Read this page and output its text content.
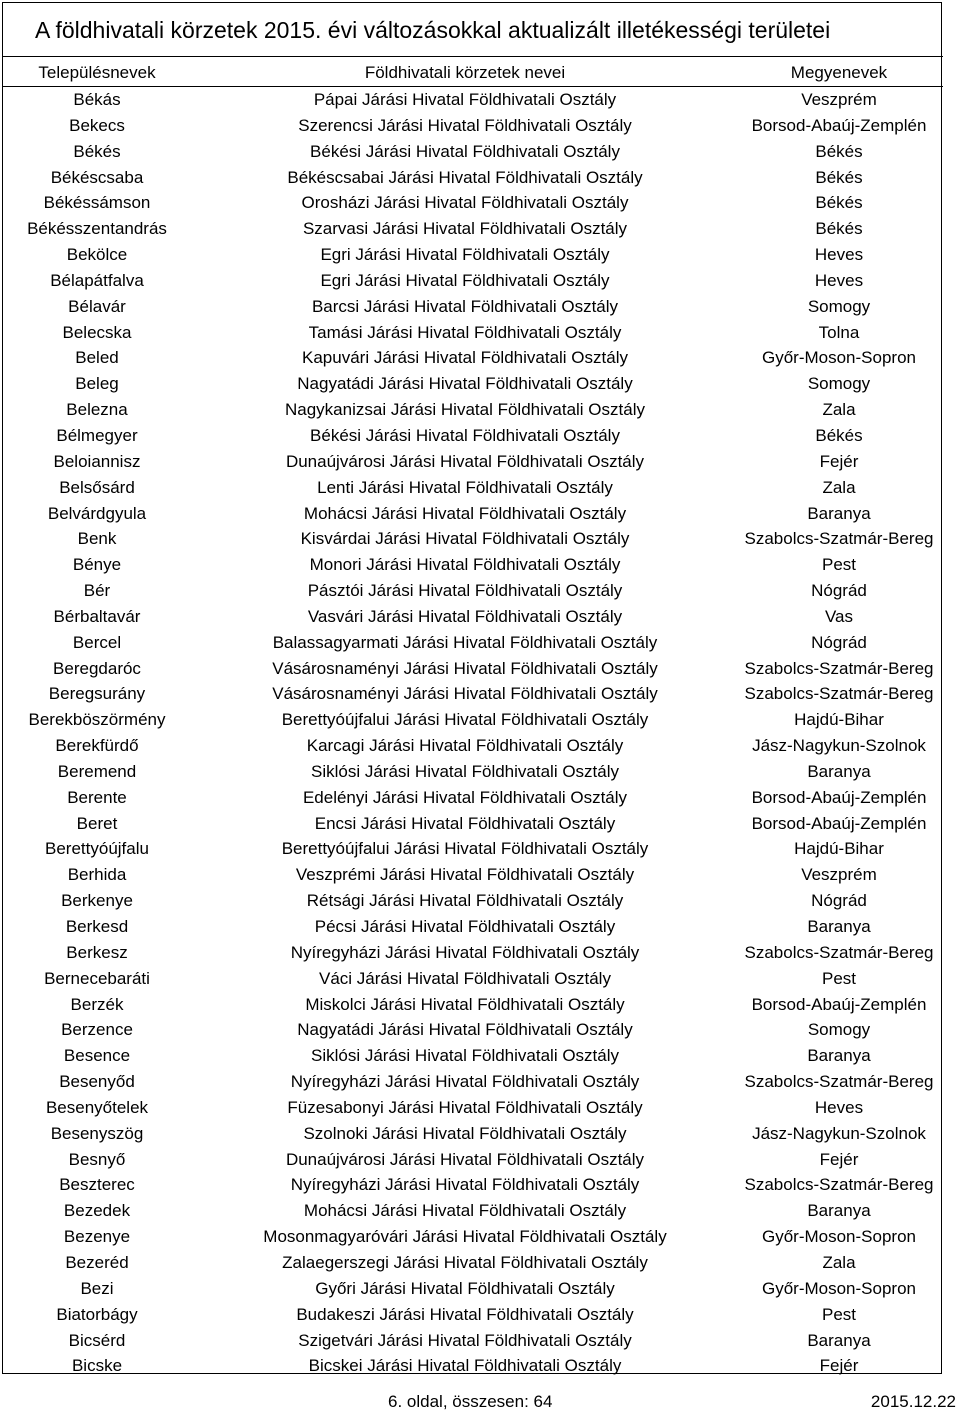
A földhivatali körzetek 2015. évi változásokkal aktualizált illetékességi területei
Településnevek	Földhivatali körzetek nevei	Megyenevek
Békás	Pápai Járási Hivatal Földhivatali Osztály	Veszprém
Bekecs	Szerencsi Járási Hivatal Földhivatali Osztály	Borsod-Abaúj-Zemplén
Békés	Békési Járási Hivatal Földhivatali Osztály	Békés
Békéscsaba	Békéscsabai Járási Hivatal Földhivatali Osztály	Békés
Békéssámson	Orosházi Járási Hivatal Földhivatali Osztály	Békés
Békésszentandrás	Szarvasi Járási Hivatal Földhivatali Osztály	Békés
Bekölce	Egri Járási Hivatal Földhivatali Osztály	Heves
Bélapátfalva	Egri Járási Hivatal Földhivatali Osztály	Heves
Bélavár	Barcsi Járási Hivatal Földhivatali Osztály	Somogy
Belecska	Tamási Járási Hivatal Földhivatali Osztály	Tolna
Beled	Kapuvári Járási Hivatal Földhivatali Osztály	Győr-Moson-Sopron
Beleg	Nagyatádi Járási Hivatal Földhivatali Osztály	Somogy
Belezna	Nagykanizsai Járási Hivatal Földhivatali Osztály	Zala
Bélmegyer	Békési Járási Hivatal Földhivatali Osztály	Békés
Beloiannisz	Dunaújvárosi Járási Hivatal Földhivatali Osztály	Fejér
Belsősárd	Lenti Járási Hivatal Földhivatali Osztály	Zala
Belvárdgyula	Mohácsi Járási Hivatal Földhivatali Osztály	Baranya
Benk	Kisvárdai Járási Hivatal Földhivatali Osztály	Szabolcs-Szatmár-Bereg
Bénye	Monori Járási Hivatal Földhivatali Osztály	Pest
Bér	Pásztói Járási Hivatal Földhivatali Osztály	Nógrád
Bérbaltavár	Vasvári Járási Hivatal Földhivatali Osztály	Vas
Bercel	Balassagyarmati Járási Hivatal Földhivatali Osztály	Nógrád
Beregdaróc	Vásárosnaményi Járási Hivatal Földhivatali Osztály	Szabolcs-Szatmár-Bereg
Beregsurány	Vásárosnaményi Járási Hivatal Földhivatali Osztály	Szabolcs-Szatmár-Bereg
Berekböszörmény	Berettyóújfalui Járási Hivatal Földhivatali Osztály	Hajdú-Bihar
Berekfürdő	Karcagi Járási Hivatal Földhivatali Osztály	Jász-Nagykun-Szolnok
Beremend	Siklósi Járási Hivatal Földhivatali Osztály	Baranya
Berente	Edelényi Járási Hivatal Földhivatali Osztály	Borsod-Abaúj-Zemplén
Beret	Encsi Járási Hivatal Földhivatali Osztály	Borsod-Abaúj-Zemplén
Berettyóújfalu	Berettyóújfalui Járási Hivatal Földhivatali Osztály	Hajdú-Bihar
Berhida	Veszprémi Járási Hivatal Földhivatali Osztály	Veszprém
Berkenye	Rétsági Járási Hivatal Földhivatali Osztály	Nógrád
Berkesd	Pécsi Járási Hivatal Földhivatali Osztály	Baranya
Berkesz	Nyíregyházi Járási Hivatal Földhivatali Osztály	Szabolcs-Szatmár-Bereg
Bernecebaráti	Váci Járási Hivatal Földhivatali Osztály	Pest
Berzék	Miskolci Járási Hivatal Földhivatali Osztály	Borsod-Abaúj-Zemplén
Berzence	Nagyatádi Járási Hivatal Földhivatali Osztály	Somogy
Besence	Siklósi Járási Hivatal Földhivatali Osztály	Baranya
Besenyőd	Nyíregyházi Járási Hivatal Földhivatali Osztály	Szabolcs-Szatmár-Bereg
Besenyőtelek	Füzesabonyi Járási Hivatal Földhivatali Osztály	Heves
Besenyszög	Szolnoki Járási Hivatal Földhivatali Osztály	Jász-Nagykun-Szolnok
Besnyő	Dunaújvárosi Járási Hivatal Földhivatali Osztály	Fejér
Beszterec	Nyíregyházi Járási Hivatal Földhivatali Osztály	Szabolcs-Szatmár-Bereg
Bezedek	Mohácsi Járási Hivatal Földhivatali Osztály	Baranya
Bezenye	Mosonmagyaróvári Járási Hivatal Földhivatali Osztály	Győr-Moson-Sopron
Bezeréd	Zalaegerszegi Járási Hivatal Földhivatali Osztály	Zala
Bezi	Győri Járási Hivatal Földhivatali Osztály	Győr-Moson-Sopron
Biatorbágy	Budakeszi Járási Hivatal Földhivatali Osztály	Pest
Bicsérd	Szigetvári Járási Hivatal Földhivatali Osztály	Baranya
Bicske	Bicskei Járási Hivatal Földhivatali Osztály	Fejér
6. oldal, összesen: 64	2015.12.22
